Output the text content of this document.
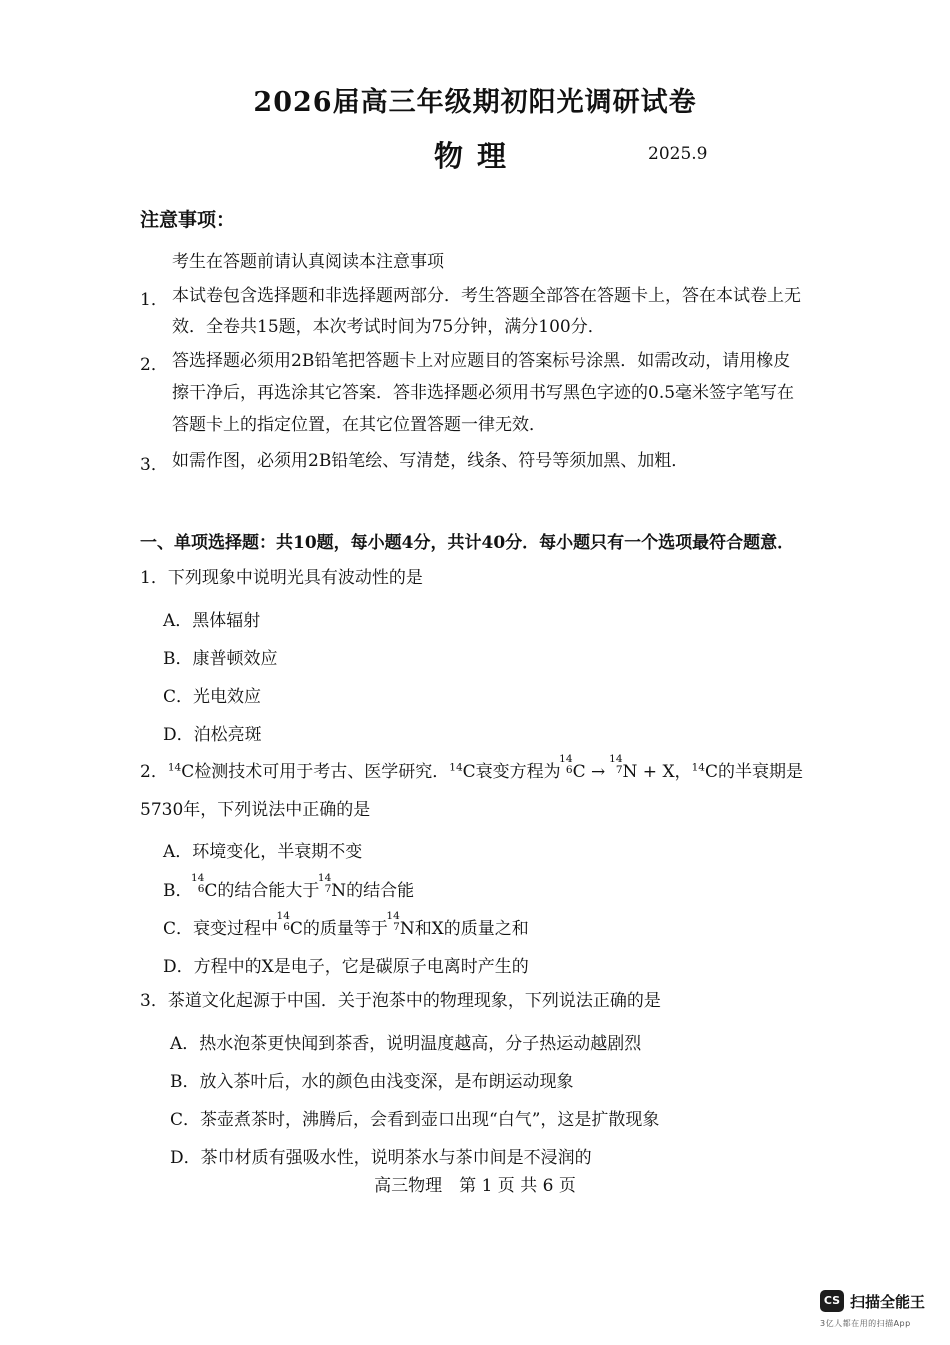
2026届高三年级期初阳光调研试卷
物理	2025.9
注意事项：
考生在答题前请认真阅读本注意事项
1． 本试卷包含选择题和非选择题两部分．考生答题全部答在答题卡上，答在本试卷上无
效．全卷共15题，本次考试时间为75分钟，满分100分．
2． 答选择题必须用2B铅笔把答题卡上对应题目的答案标号涂黑．如需改动，请用橡皮
擦干净后，再选涂其它答案．答非选择题必须用书写黑色字迹的0.5毫米签字笔写在
答题卡上的指定位置，在其它位置答题一律无效．
3． 如需作图，必须用2B铅笔绘、写清楚，线条、符号等须加黑、加粗．
一、单项选择题：共10题，每小题4分，共计40分．每小题只有一个选项最符合题意．
1．下列现象中说明光具有波动性的是
A．黑体辐射
B．康普顿效应
C．光电效应
D．泊松亮斑
2．$^{14}$C检测技术可用于考古、医学研究．$^{14}$C衰变方程为
14
6 C →
14
7 N + X，$^{14}$C的半衰期是
5730年，下列说法中正确的是
A．环境变化，半衰期不变
B．
14
6 C的结合能大于
14
7 N的结合能
C．衰变过程中
14
6 C的质量等于
14
7 N和X的质量之和
D．方程中的X是电子，它是碳原子电离时产生的
3．茶道文化起源于中国．关于泡茶中的物理现象，下列说法正确的是
A．热水泡茶更快闻到茶香，说明温度越高，分子热运动越剧烈
B．放入茶叶后，水的颜色由浅变深，是布朗运动现象
C．茶壶煮茶时，沸腾后，会看到壶口出现“白气”，这是扩散现象
D．茶巾材质有强吸水性，说明茶水与茶巾间是不浸润的
高三物理　第 1 页 共 6 页
CS 扫描全能王
3亿人都在用的扫描App
